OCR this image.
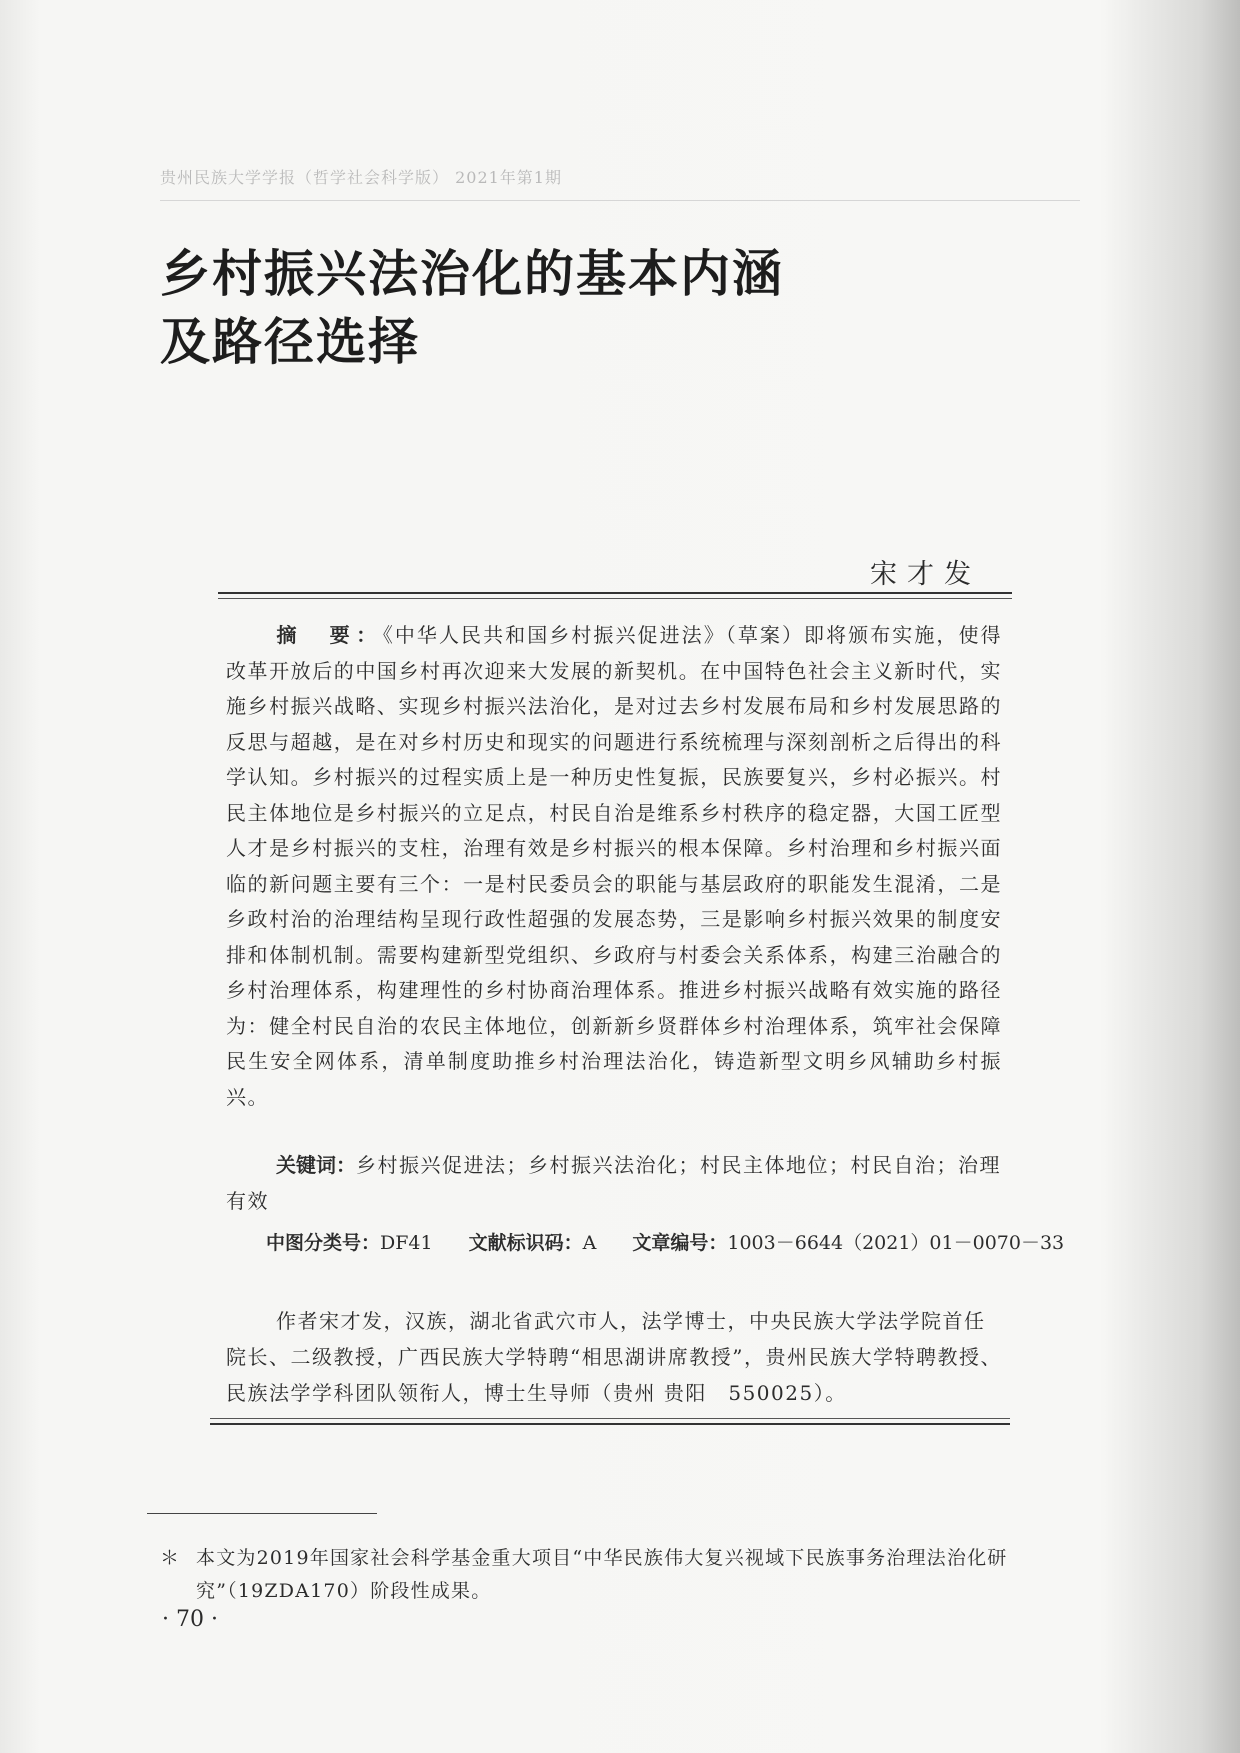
贵州民族大学学报（哲学社会科学版） 2021年第1期
乡村振兴法治化的基本内涵
及路径选择
宋才发
摘　要：《中华人民共和国乡村振兴促进法》（草案）即将颁布实施，使得改革开放后的中国乡村再次迎来大发展的新契机。在中国特色社会主义新时代，实施乡村振兴战略、实现乡村振兴法治化，是对过去乡村发展布局和乡村发展思路的反思与超越，是在对乡村历史和现实的问题进行系统梳理与深刻剖析之后得出的科学认知。乡村振兴的过程实质上是一种历史性复振，民族要复兴，乡村必振兴。村民主体地位是乡村振兴的立足点，村民自治是维系乡村秩序的稳定器，大国工匠型人才是乡村振兴的支柱，治理有效是乡村振兴的根本保障。乡村治理和乡村振兴面临的新问题主要有三个：一是村民委员会的职能与基层政府的职能发生混淆，二是乡政村治的治理结构呈现行政性超强的发展态势，三是影响乡村振兴效果的制度安排和体制机制。需要构建新型党组织、乡政府与村委会关系体系，构建三治融合的乡村治理体系，构建理性的乡村协商治理体系。推进乡村振兴战略有效实施的路径为：健全村民自治的农民主体地位，创新新乡贤群体乡村治理体系，筑牢社会保障民生安全网体系，清单制度助推乡村治理法治化，铸造新型文明乡风辅助乡村振兴。
关键词：乡村振兴促进法；乡村振兴法治化；村民主体地位；村民自治；治理有效
中图分类号：DF41 文献标识码：A 文章编号：1003－6644（2021）01－0070－33
作者宋才发，汉族，湖北省武穴市人，法学博士，中央民族大学法学院首任院长、二级教授，广西民族大学特聘“相思湖讲席教授”，贵州民族大学特聘教授、民族法学学科团队领衔人，博士生导师（贵州 贵阳　550025）。
＊ 本文为2019年国家社会科学基金重大项目“中华民族伟大复兴视域下民族事务治理法治化研究”（19ZDA170）阶段性成果。
· 70 ·
